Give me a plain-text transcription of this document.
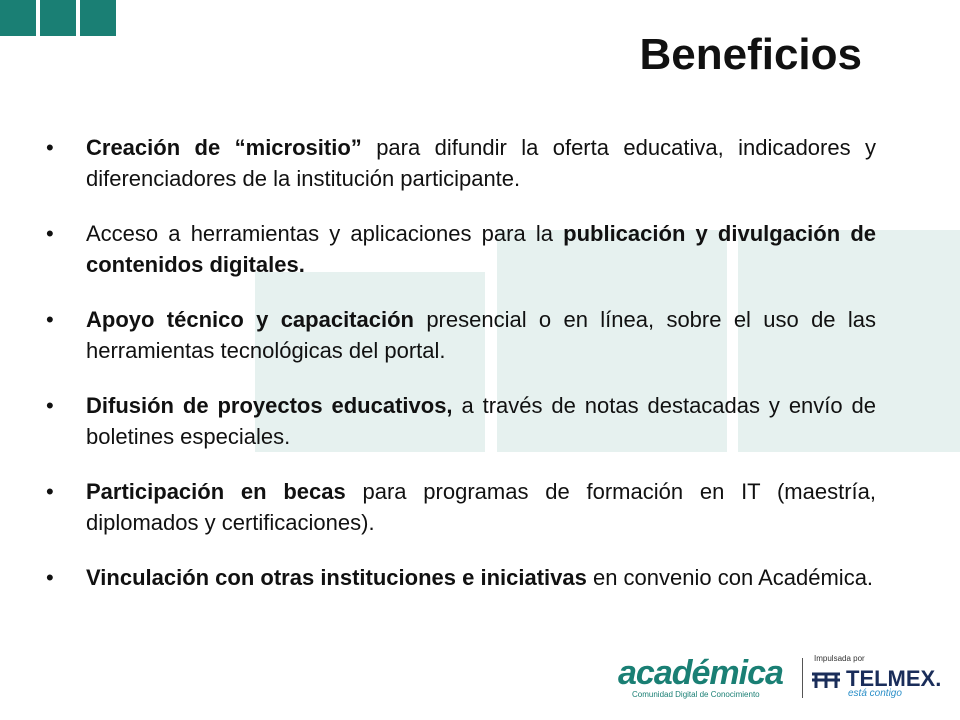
Beneficios
• Creación de “micrositio” para difundir la oferta educativa, indicadores y diferenciadores de la institución participante.
• Acceso a herramientas y aplicaciones para la publicación y divulgación de contenidos digitales.
• Apoyo técnico y capacitación presencial o en línea, sobre el uso de las herramientas tecnológicas del portal.
• Difusión de proyectos educativos, a través de notas destacadas y envío de boletines especiales.
• Participación en becas para programas de formación en IT (maestría, diplomados y certificaciones).
• Vinculación con otras instituciones e iniciativas en convenio con Académica.
académica
Comunidad Digital de Conocimiento
Impulsada por
TELMEX.
está contigo
